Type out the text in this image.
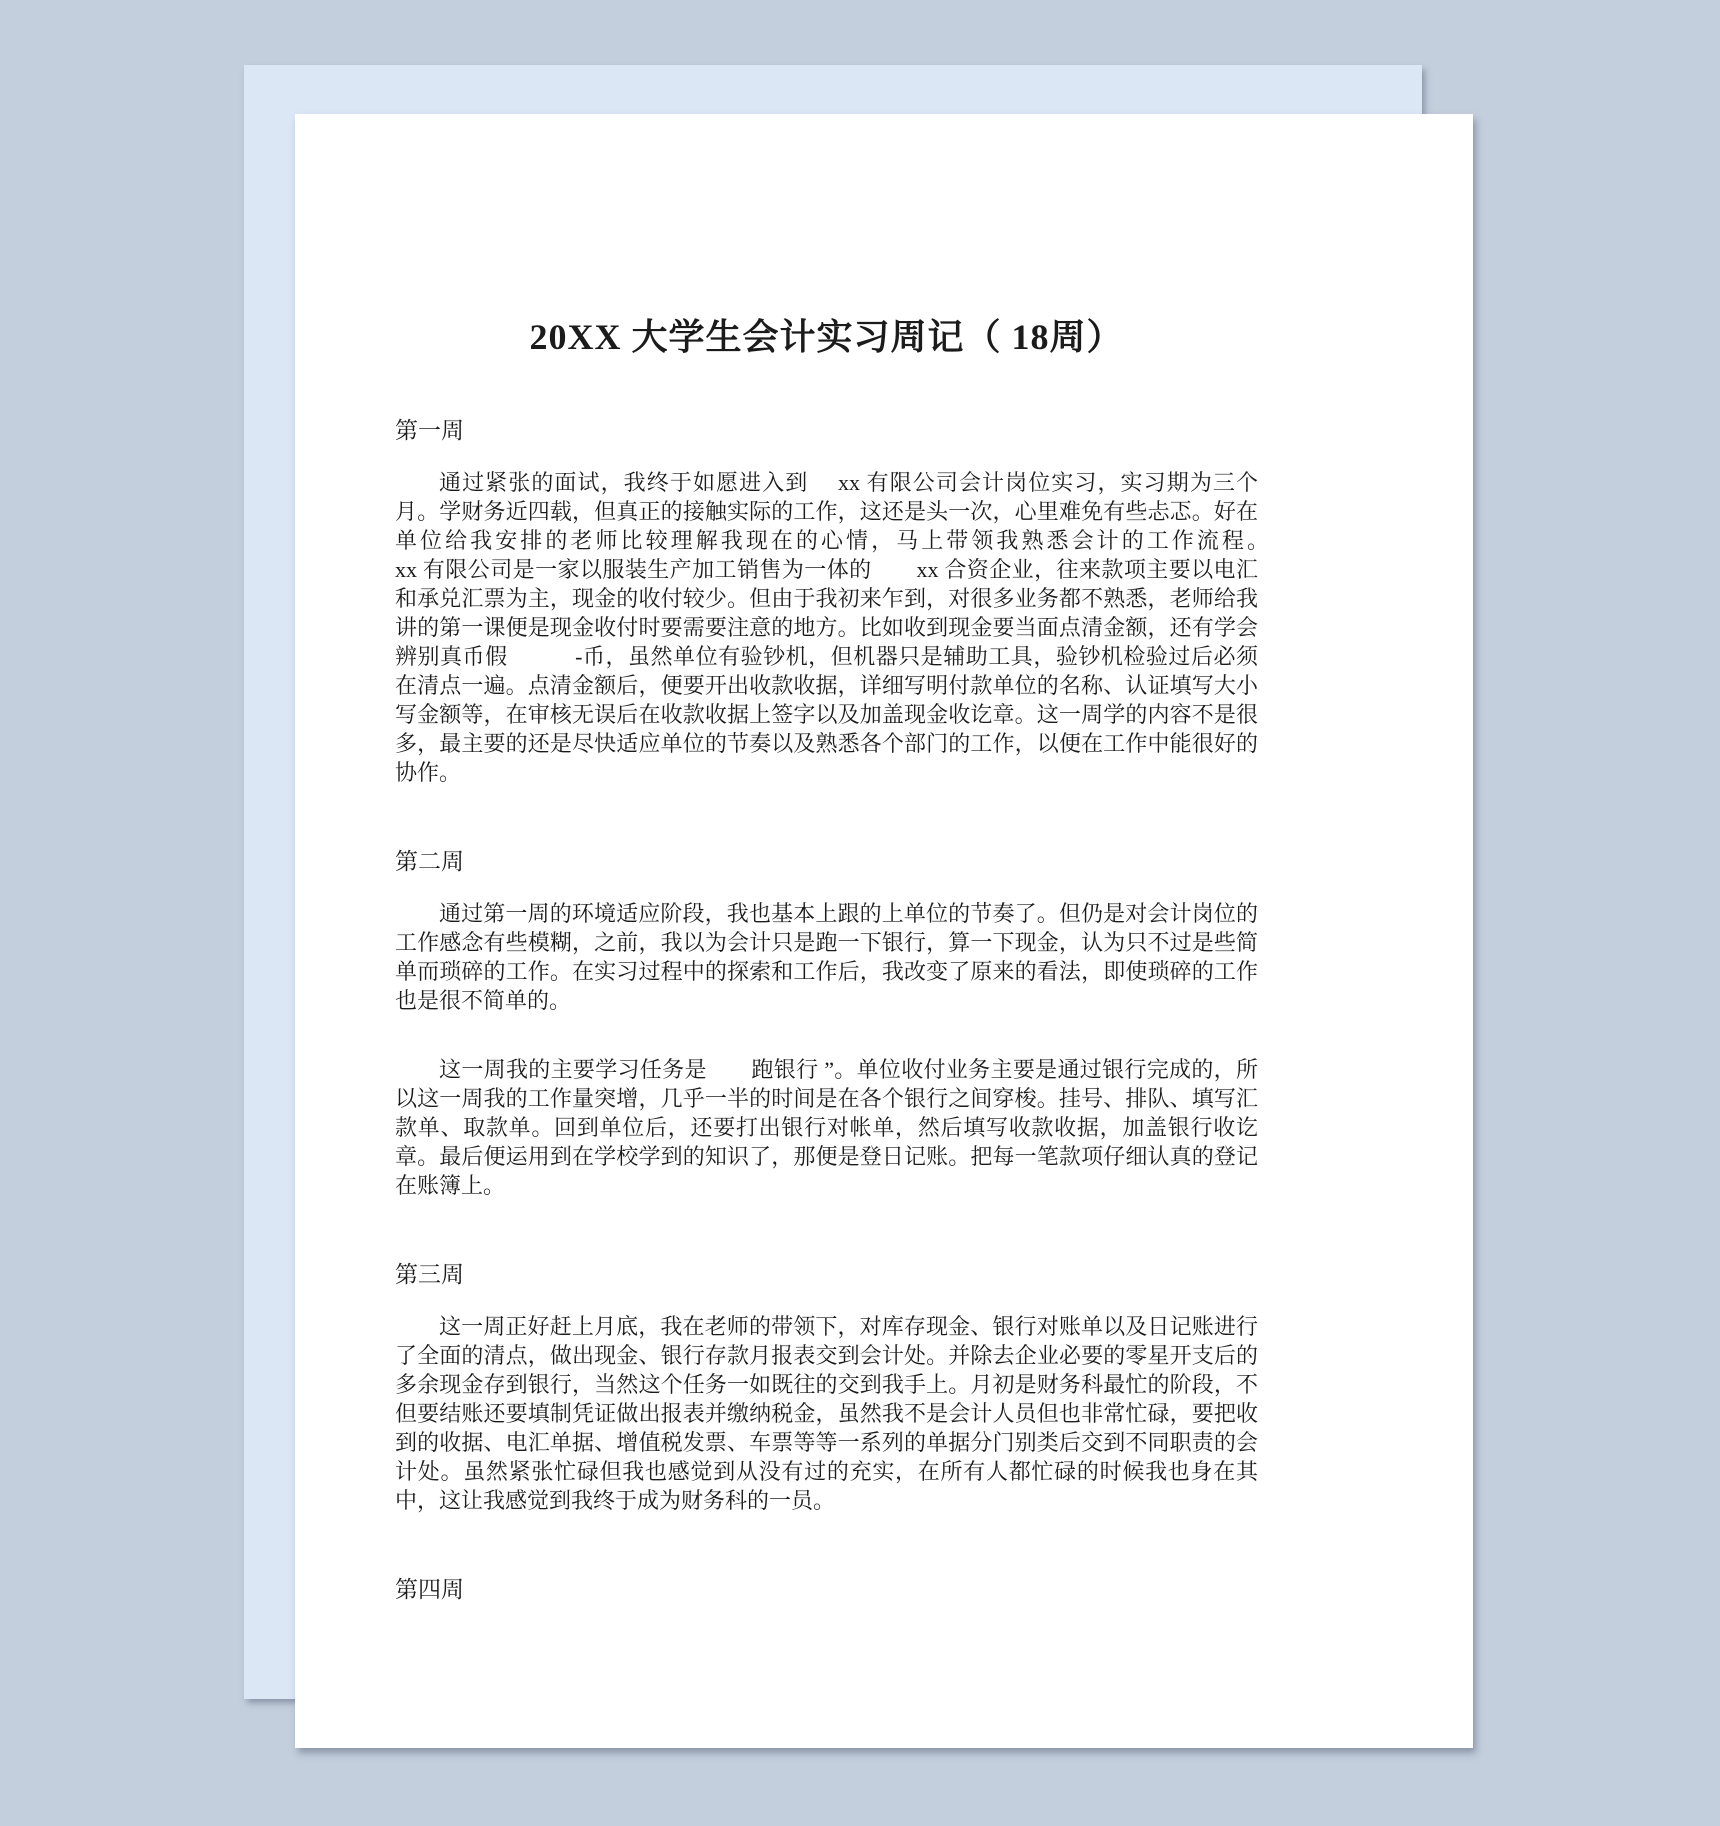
20XX 大学生会计实习周记（ 18周）
第一周

通过紧张的面试，我终于如愿进入到　 xx 有限公司会计岗位实习，实习期为三个月。学财务近四载，但真正的接触实际的工作，这还是头一次，心里难免有些忐忑。好在单位给我安排的老师比较理解我现在的心情，马上带领我熟悉会计的工作流程。　　　　xx 有限公司是一家以服装生产加工销售为一体的　　xx 合资企业，往来款项主要以电汇和承兑汇票为主，现金的收付较少。但由于我初来乍到，对很多业务都不熟悉，老师给我讲的第一课便是现金收付时要需要注意的地方。比如收到现金要当面点清金额，还有学会辨别真币假　　　-币，虽然单位有验钞机，但机器只是辅助工具，验钞机检验过后必须在清点一遍。点清金额后，便要开出收款收据，详细写明付款单位的名称、认证填写大小写金额等，在审核无误后在收款收据上签字以及加盖现金收讫章。这一周学的内容不是很多，最主要的还是尽快适应单位的节奏以及熟悉各个部门的工作，以便在工作中能很好的协作。

第二周

通过第一周的环境适应阶段，我也基本上跟的上单位的节奏了。但仍是对会计岗位的工作感念有些模糊，之前，我以为会计只是跑一下银行，算一下现金，认为只不过是些简单而琐碎的工作。在实习过程中的探索和工作后，我改变了原来的看法，即使琐碎的工作也是很不简单的。

这一周我的主要学习任务是　　跑银行 ”。单位收付业务主要是通过银行完成的，所以这一周我的工作量突增，几乎一半的时间是在各个银行之间穿梭。挂号、排队、填写汇款单、取款单。回到单位后，还要打出银行对帐单，然后填写收款收据，加盖银行收讫章。最后便运用到在学校学到的知识了，那便是登日记账。把每一笔款项仔细认真的登记在账簿上。

第三周

这一周正好赶上月底，我在老师的带领下，对库存现金、银行对账单以及日记账进行了全面的清点，做出现金、银行存款月报表交到会计处。并除去企业必要的零星开支后的多余现金存到银行，当然这个任务一如既往的交到我手上。月初是财务科最忙的阶段，不但要结账还要填制凭证做出报表并缴纳税金，虽然我不是会计人员但也非常忙碌，要把收到的收据、电汇单据、增值税发票、车票等等一系列的单据分门别类后交到不同职责的会计处。虽然紧张忙碌但我也感觉到从没有过的充实，在所有人都忙碌的时候我也身在其中，这让我感觉到我终于成为财务科的一员。

第四周
